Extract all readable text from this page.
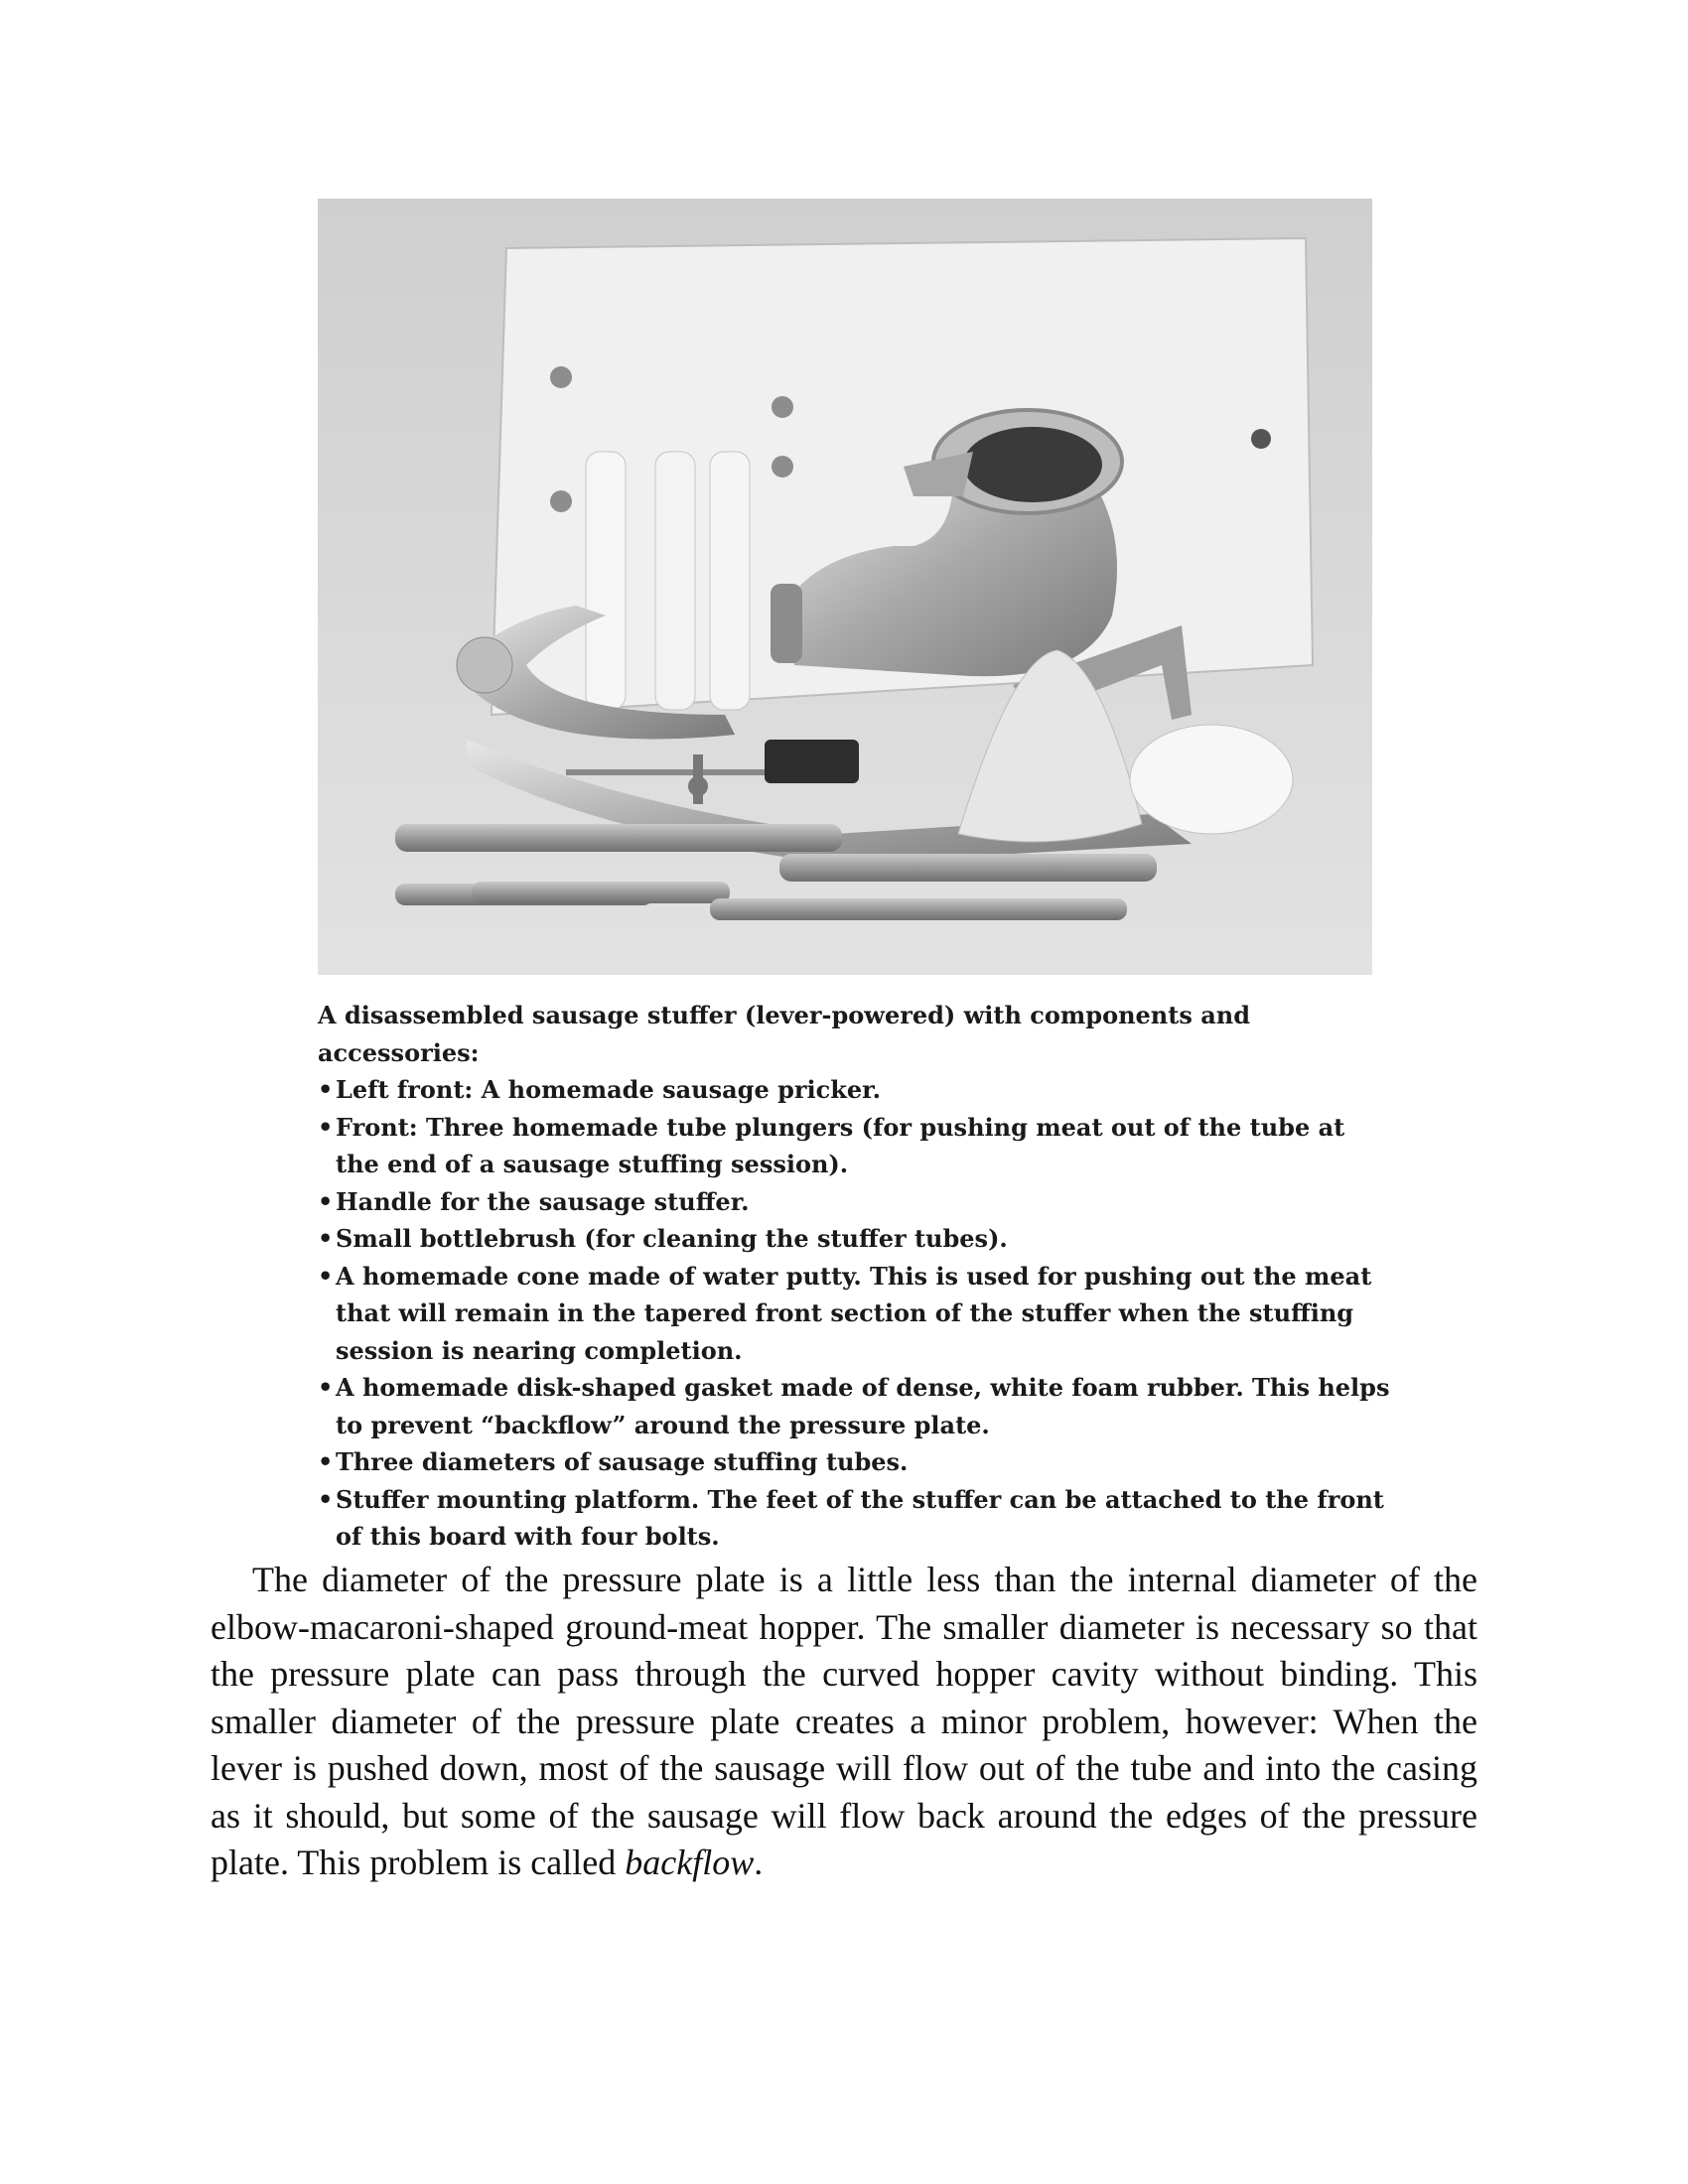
A disassembled sausage stuffer (lever-powered) with components and accessories:

• Left front: A homemade sausage pricker.
• Front: Three homemade tube plungers (for pushing meat out of the tube at the end of a sausage stuffing session).
• Handle for the sausage stuffer.
• Small bottlebrush (for cleaning the stuffer tubes).
• A homemade cone made of water putty. This is used for pushing out the meat that will remain in the tapered front section of the stuffer when the stuffing session is nearing completion.
• A homemade disk-shaped gasket made of dense, white foam rubber. This helps to prevent “backflow” around the pressure plate.
• Three diameters of sausage stuffing tubes.
• Stuffer mounting platform. The feet of the stuffer can be attached to the front of this board with four bolts.

The diameter of the pressure plate is a little less than the internal diameter of the elbow-macaroni-shaped ground-meat hopper. The smaller diameter is necessary so that the pressure plate can pass through the curved hopper cavity without binding. This smaller diameter of the pressure plate creates a minor problem, however: When the lever is pushed down, most of the sausage will flow out of the tube and into the casing as it should, but some of the sausage will flow back around the edges of the pressure plate. This problem is called backflow.
